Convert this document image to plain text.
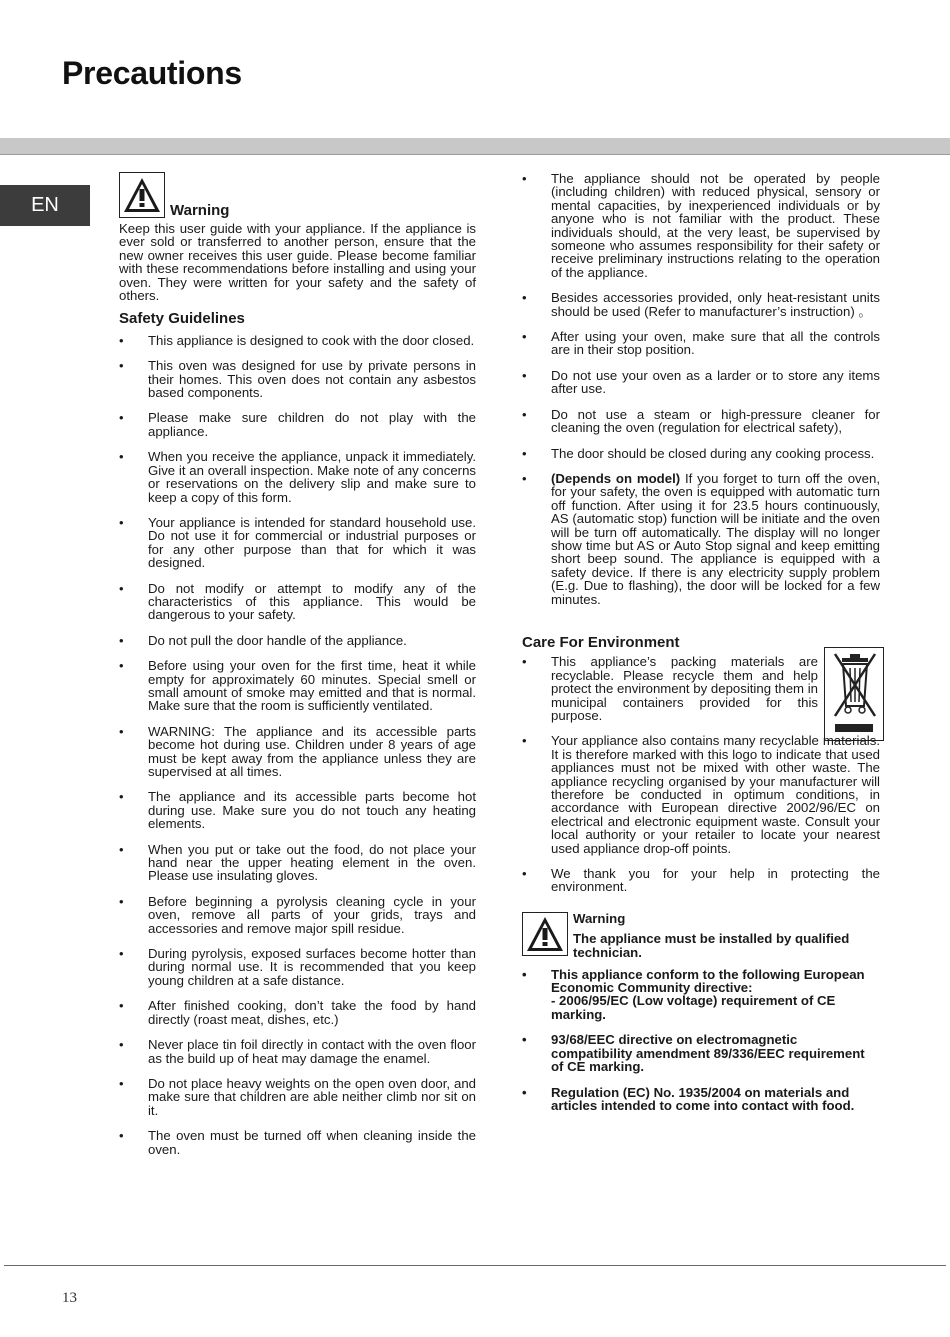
Precautions
EN	Warning

Keep this user guide with your appliance. If the appliance is ever sold or transferred to another person, ensure that the new owner receives this user guide. Please become familiar with these recommendations before installing and using your oven. They were written for your safety and the safety of others.

Safety Guidelines
• This appliance is designed to cook with the door closed.
• This oven was designed for use by private persons in their homes. This oven does not contain any asbestos based components.
• Please make sure children do not play with the appliance.
• When you receive the appliance, unpack it immediately. Give it an overall inspection. Make note of any concerns or reservations on the delivery slip and make sure to keep a copy of this form.
• Your appliance is intended for standard household use. Do not use it for commercial or industrial purposes or for any other purpose than that for which it was designed.
• Do not modify or attempt to modify any of the characteristics of this appliance. This would be dangerous to your safety.
• Do not pull the door handle of the appliance.
• Before using your oven for the first time, heat it while empty for approximately 60 minutes. Special smell or small amount of smoke may emitted and that is normal. Make sure that the room is sufficiently ventilated.
• WARNING: The appliance and its accessible parts become hot during use. Children under 8 years of age must be kept away from the appliance unless they are supervised at all times.
• The appliance and its accessible parts become hot during use. Make sure you do not touch any heating elements.
• When you put or take out the food, do not place your hand near the upper heating element in the oven. Please use insulating gloves.
• Before beginning a pyrolysis cleaning cycle in your oven, remove all parts of your grids, trays and accessories and remove major spill residue.
• During pyrolysis, exposed surfaces become hotter than during normal use. It is recommended that you keep young children at a safe distance.
• After finished cooking, don’t take the food by hand directly (roast meat, dishes, etc.)
• Never place tin foil directly in contact with the oven floor as the build up of heat may damage the enamel.
• Do not place heavy weights on the open oven door, and make sure that children are able neither climb nor sit on it.
• The oven must be turned off when cleaning inside the oven.
• The appliance should not be operated by people (including children) with reduced physical, sensory or mental capacities, by inexperienced individuals or by anyone who is not familiar with the product. These individuals should, at the very least, be supervised by someone who assumes responsibility for their safety or receive preliminary instructions relating to the operation of the appliance.
• Besides accessories provided, only heat-resistant units should be used (Refer to manufacturer’s instruction) 。
• After using your oven, make sure that all the controls are in their stop position.
• Do not use your oven as a larder or to store any items after use.
• Do not use a steam or high-pressure cleaner for cleaning the oven (regulation for electrical safety),
• The door should be closed during any cooking process.
• (Depends on model) If you forget to turn off the oven, for your safety, the oven is equipped with automatic turn off function. After using it for 23.5 hours continuously, AS (automatic stop) function will be initiate and the oven will be turn off automatically. The display will no longer show time but AS or Auto Stop signal and keep emitting short beep sound. The appliance is equipped with a safety device. If there is any electricity supply problem (E.g. Due to flashing), the door will be locked for a few minutes.
Care For Environment
• This appliance’s packing materials are recyclable. Please recycle them and help protect the environment by depositing them in municipal containers provided for this purpose.
• Your appliance also contains many recyclable materials. It is therefore marked with this logo to indicate that used appliances must not be mixed with other waste. The appliance recycling organised by your manufacturer will therefore be conducted in optimum conditions, in accordance with European directive 2002/96/EC on electrical and electronic equipment waste. Consult your local authority or your retailer to locate your nearest used appliance drop-off points.
• We thank you for your help in protecting the environment.
Warning
The appliance must be installed by qualified technician.
• This appliance conform to the following European Economic Community directive:
- 2006/95/EC (Low voltage) requirement of CE marking.
• 93/68/EEC directive on electromagnetic compatibility amendment 89/336/EEC requirement of CE marking.
• Regulation (EC) No. 1935/2004 on materials and articles intended to come into contact with food.
13
